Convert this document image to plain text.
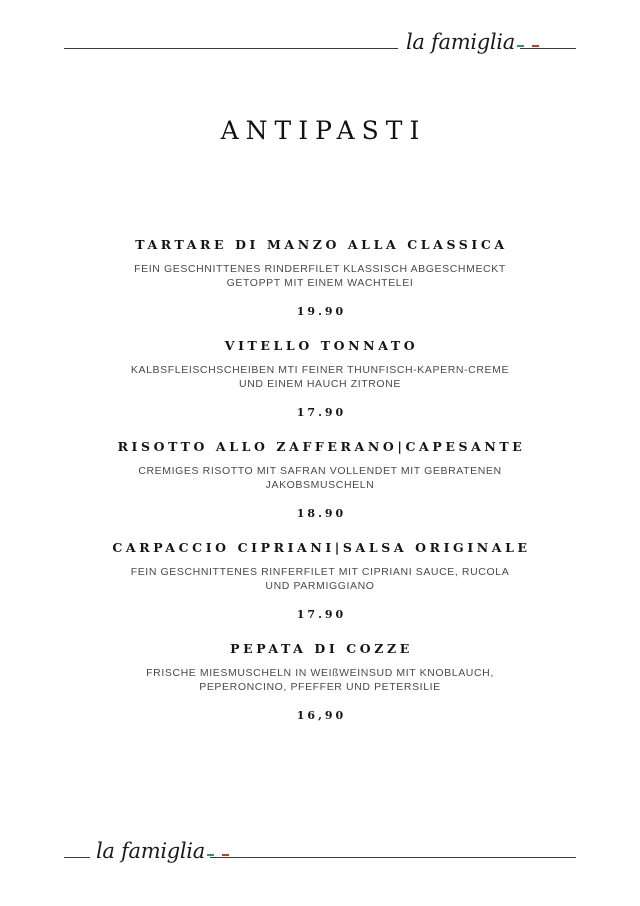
la famiglia
ANTIPASTI
TARTARE DI MANZO ALLA CLASSICA
FEIN GESCHNITTENES RINDERFILET KLASSISCH ABGESCHMECKT
GETOPPT MIT EINEM WACHTELEI
19.90
VITELLO TONNATO
KALBSFLEISCHSCHEIBEN MTI FEINER THUNFISCH-KAPERN-CREME
UND EINEM HAUCH ZITRONE
17.90
RISOTTO ALLO ZAFFERANO|CAPESANTE
CREMIGES RISOTTO MIT SAFRAN VOLLENDET MIT GEBRATENEN
JAKOBSMUSCHELN
18.90
CARPACCIO CIPRIANI|SALSA ORIGINALE
FEIN GESCHNITTENES RINFERFILET MIT CIPRIANI SAUCE, RUCOLA
UND PARMIGGIANO
17.90
PEPATA DI COZZE
FRISCHE MIESMUSCHELN IN WEIßWEINSUD MIT KNOBLAUCH,
PEPERONCINO, PFEFFER UND PETERSILIE
16,90
la famiglia
